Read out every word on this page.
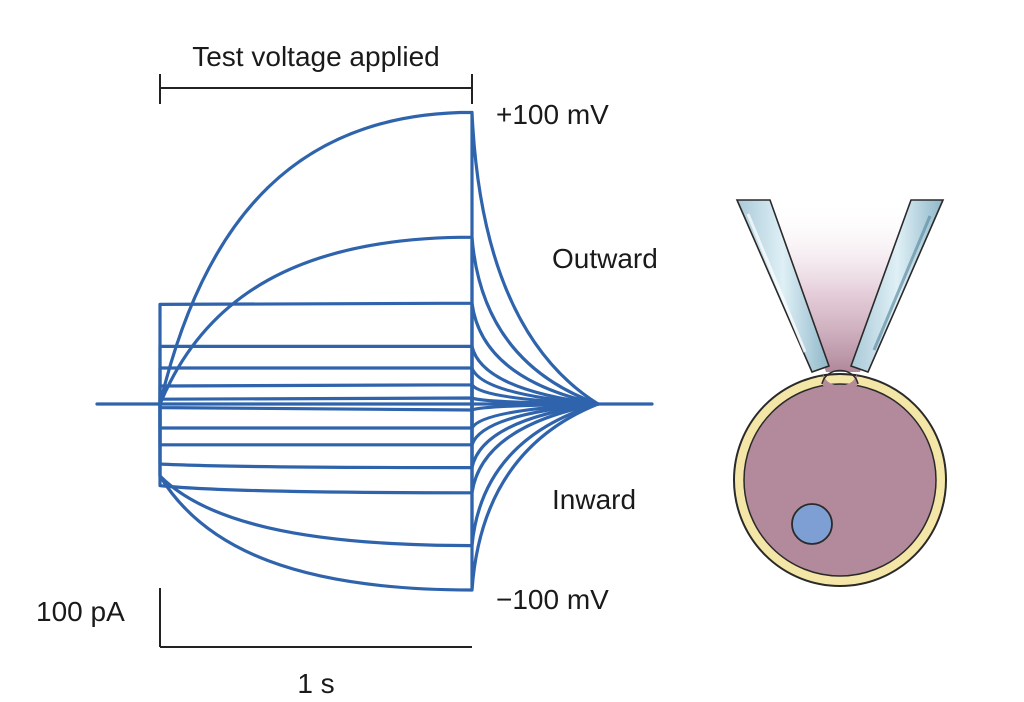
Test voltage applied
+100 mV
Outward
Inward
−100 mV
100 pA
1 s
